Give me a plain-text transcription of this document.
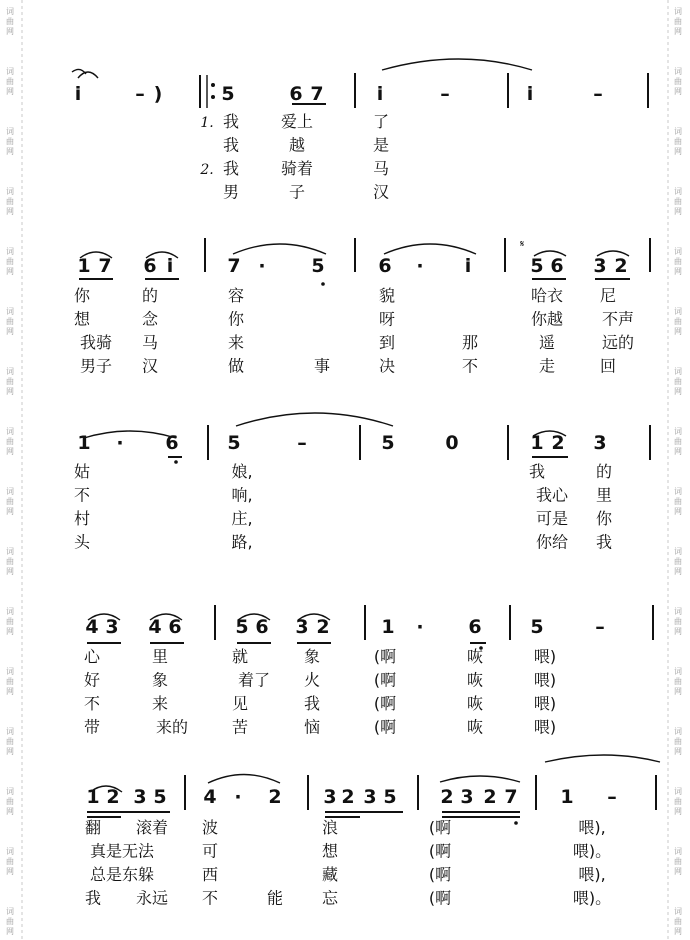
词
曲
网
词
曲
网
词
曲
网
词
曲
网
词
曲
网
词
曲
网
词
曲
网
词
曲
网
词
曲
网
词
曲
网
词
曲
网
词
曲
网
词
曲
网
词
曲
网
词
曲
网
词
曲
网
词
曲
网
词
曲
网
词
曲
网
词
曲
网
词
曲
网
词
曲
网
词
曲
网
词
曲
网
词
曲
网
词
曲
网
词
曲
网
词
曲
网
词
曲
网
词
曲
网
词
曲
网
词
曲
网
𝄋
i	– )	5	6 7	i	–	i	–
1. 我	爱上	了
我	越	是
2. 我	骑着	马
男	子	汉
1 7 6 i	7 · 5	6 · i	5 6 3 2
你	的	容	貌	哈衣 尼
想	念	你	呀	你越 不声
我骑 马	来	到	那	遥	远的
男子 汉	做	事	决	不	走	回
1 · 6	5	–	5	0	1 2 3
姑	娘,	我	的
不	响,	我心 里
村	庄,	可是 你
头	路,	你给 我
4 3 4 6	5 6 3 2	1 · 6	5	–
心	里	就	象	(啊	咴	喂)
好	象	着了 火	(啊	咴	喂)
不	来	见	我	(啊	咴	喂)
带	来的	苦	恼	(啊	咴	喂)
1 2 3 5 4 · 2 3 2 3 5 2 3 2 7 1 –
翻 滚着 波	浪	(啊	喂),
真是无法	可	想	(啊	喂)。
总是东躲	西	藏	(啊	喂),
我 永远 不	能 忘	(啊	喂)。
